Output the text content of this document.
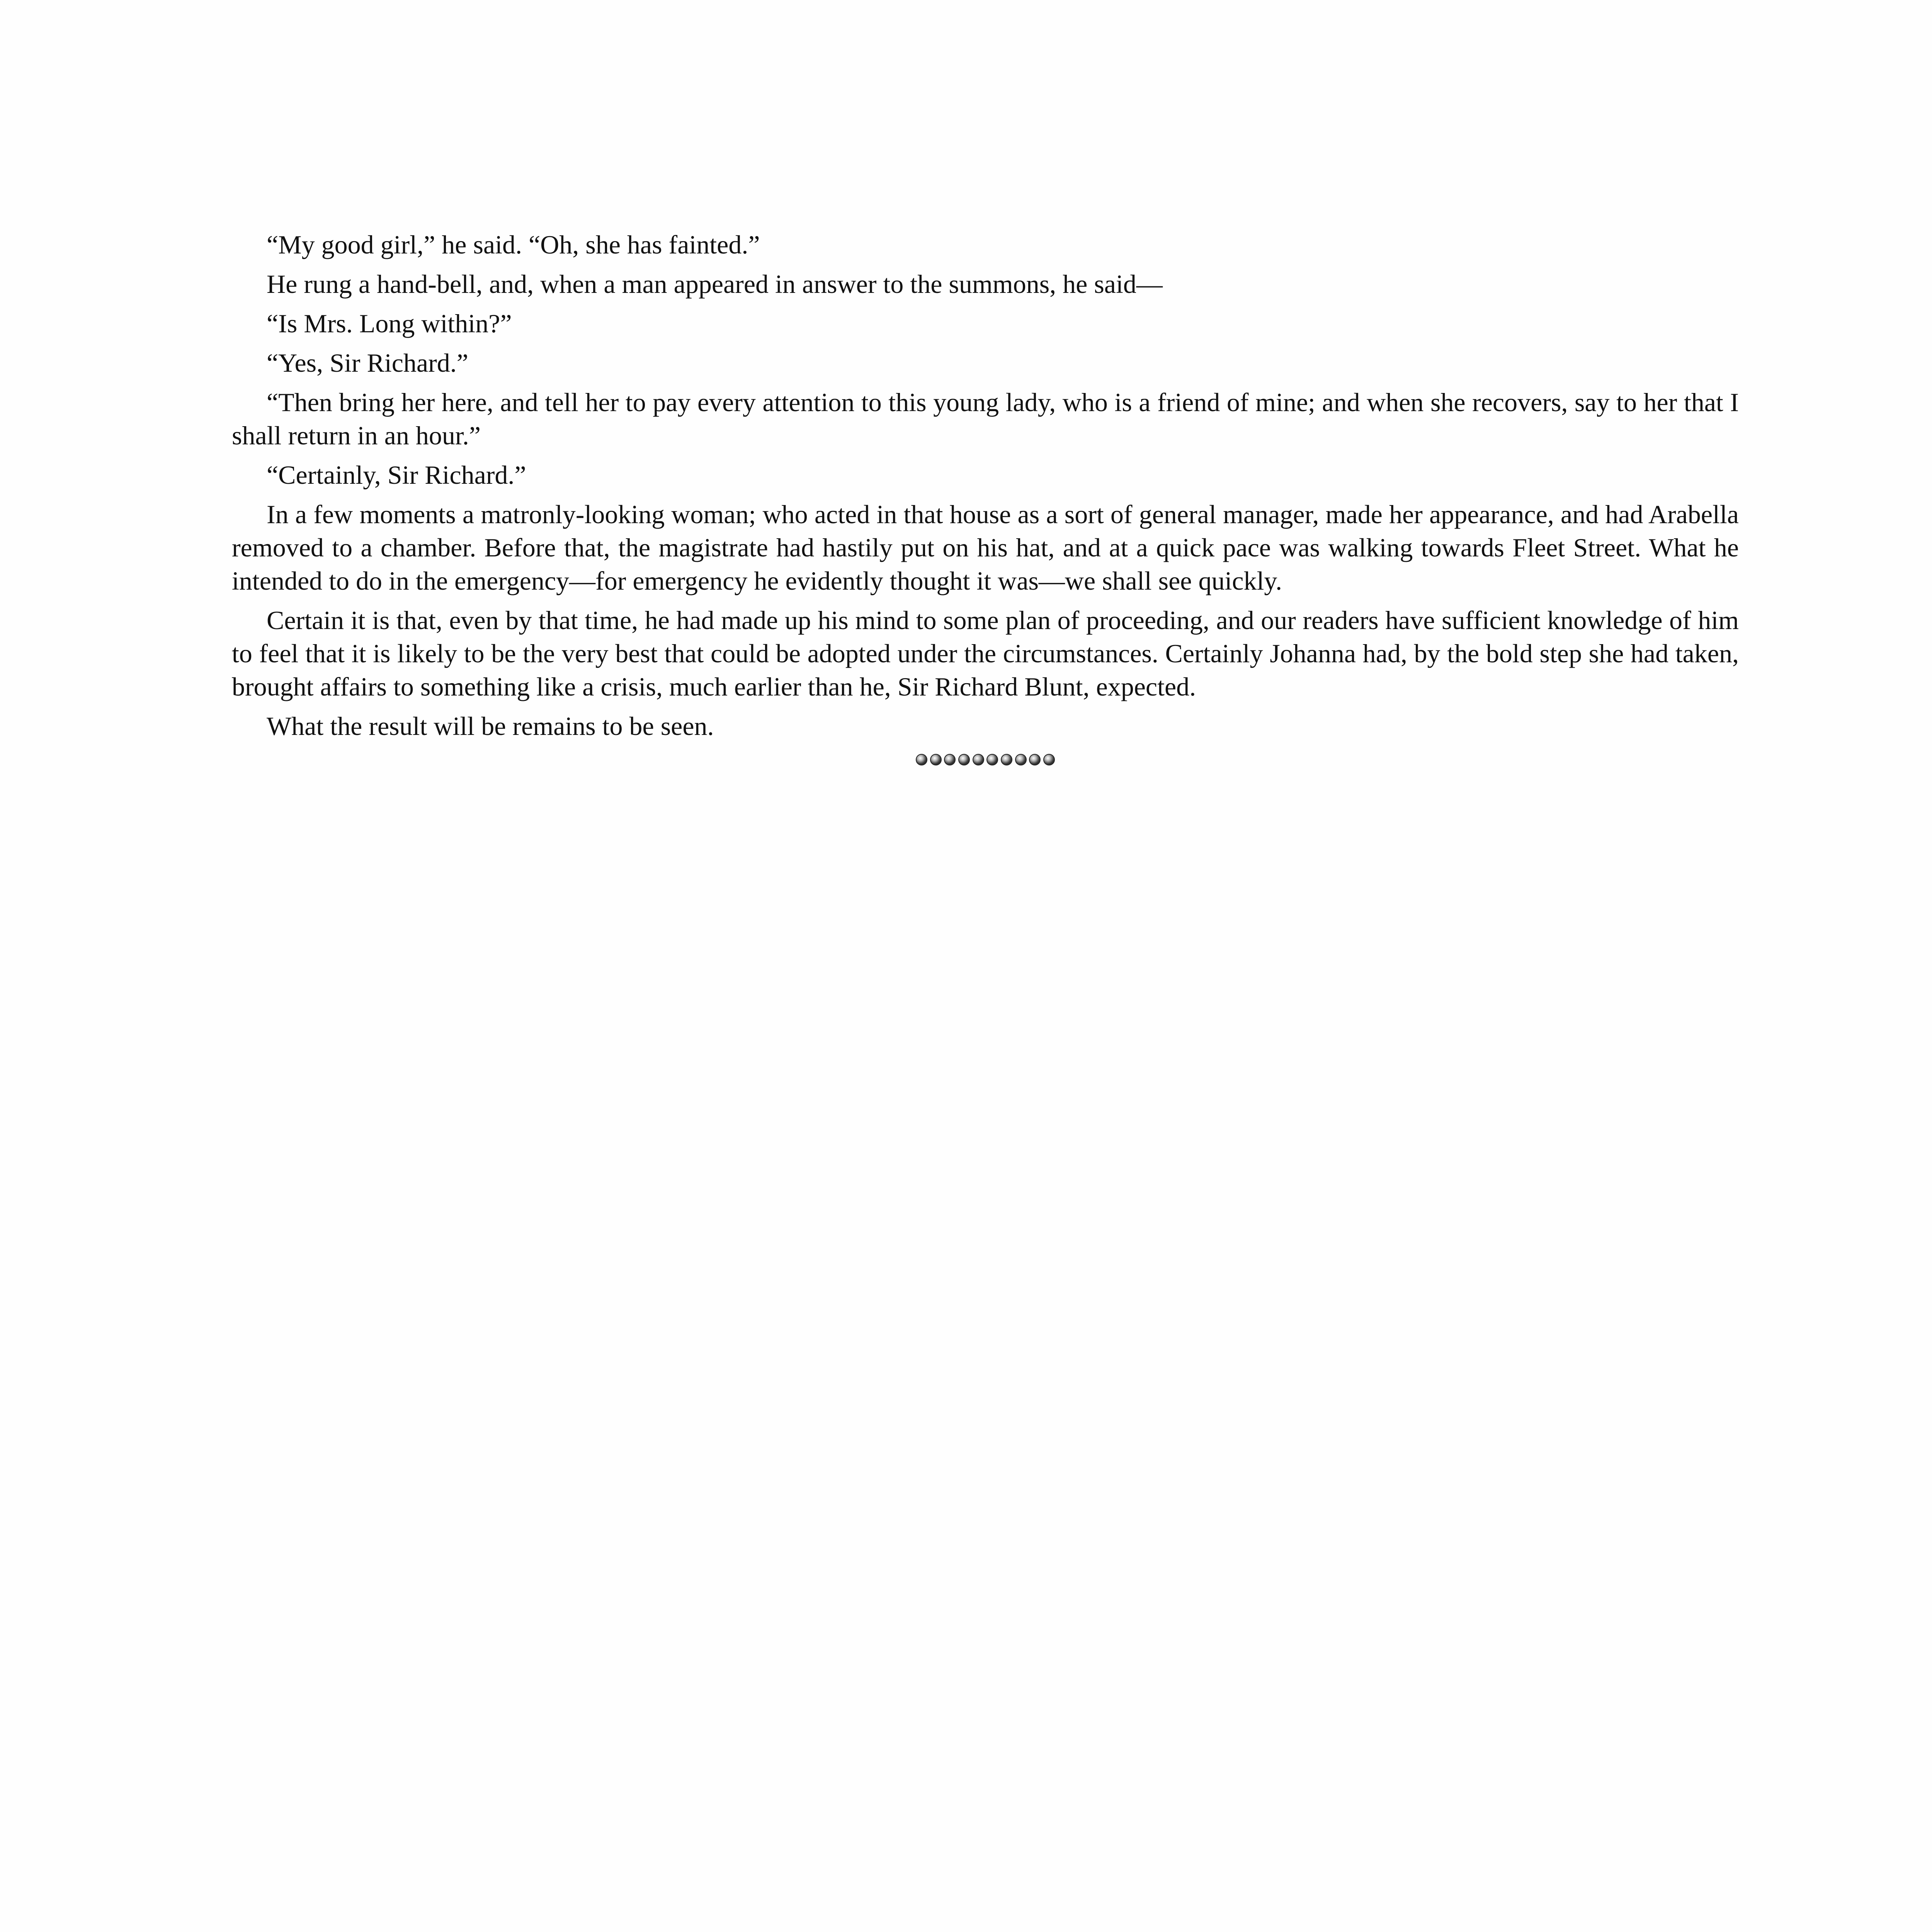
“My good girl,” he said. “Oh, she has fainted.”

He rung a hand-bell, and, when a man appeared in answer to the summons, he said—

“Is Mrs. Long within?”

“Yes, Sir Richard.”

“Then bring her here, and tell her to pay every attention to this young lady, who is a friend of mine; and when she recovers, say to her that I shall return in an hour.”

“Certainly, Sir Richard.”

In a few moments a matronly-looking woman; who acted in that house as a sort of general manager, made her appearance, and had Arabella removed to a chamber. Before that, the magistrate had hastily put on his hat, and at a quick pace was walking towards Fleet Street. What he intended to do in the emergency—for emergency he evidently thought it was—we shall see quickly.

Certain it is that, even by that time, he had made up his mind to some plan of proceeding, and our readers have sufficient knowledge of him to feel that it is likely to be the very best that could be adopted under the circumstances. Certainly Johanna had, by the bold step she had taken, brought affairs to something like a crisis, much earlier than he, Sir Richard Blunt, expected.

What the result will be remains to be seen.
